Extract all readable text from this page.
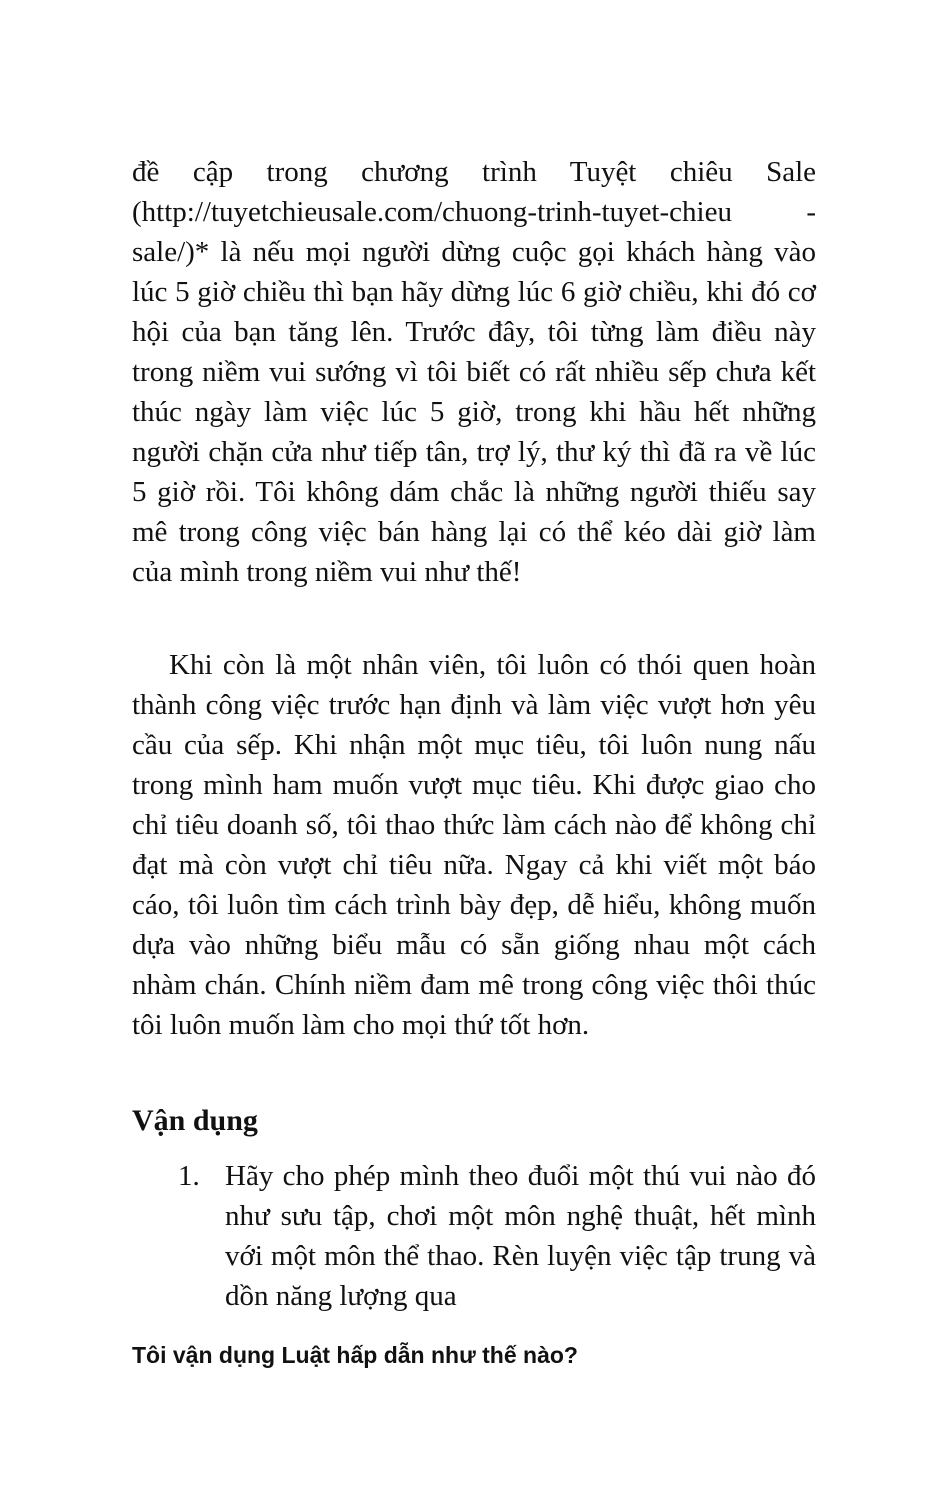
đề cập trong chương trình Tuyệt chiêu Sale (http://tuyetchieusale.com/chuong-trinh-tuyet-chieu -sale/)* là nếu mọi người dừng cuộc gọi khách hàng vào lúc 5 giờ chiều thì bạn hãy dừng lúc 6 giờ chiều, khi đó cơ hội của bạn tăng lên. Trước đây, tôi từng làm điều này trong niềm vui sướng vì tôi biết có rất nhiều sếp chưa kết thúc ngày làm việc lúc 5 giờ, trong khi hầu hết những người chặn cửa như tiếp tân, trợ lý, thư ký thì đã ra về lúc 5 giờ rồi. Tôi không dám chắc là những người thiếu say mê trong công việc bán hàng lại có thể kéo dài giờ làm của mình trong niềm vui như thế!

Khi còn là một nhân viên, tôi luôn có thói quen hoàn thành công việc trước hạn định và làm việc vượt hơn yêu cầu của sếp. Khi nhận một mục tiêu, tôi luôn nung nấu trong mình ham muốn vượt mục tiêu. Khi được giao cho chỉ tiêu doanh số, tôi thao thức làm cách nào để không chỉ đạt mà còn vượt chỉ tiêu nữa. Ngay cả khi viết một báo cáo, tôi luôn tìm cách trình bày đẹp, dễ hiểu, không muốn dựa vào những biểu mẫu có sẵn giống nhau một cách nhàm chán. Chính niềm đam mê trong công việc thôi thúc tôi luôn muốn làm cho mọi thứ tốt hơn.

Vận dụng
1. Hãy cho phép mình theo đuổi một thú vui nào đó như sưu tập, chơi một môn nghệ thuật, hết mình với một môn thể thao. Rèn luyện việc tập trung và dồn năng lượng qua

Tôi vận dụng Luật hấp dẫn như thế nào?
